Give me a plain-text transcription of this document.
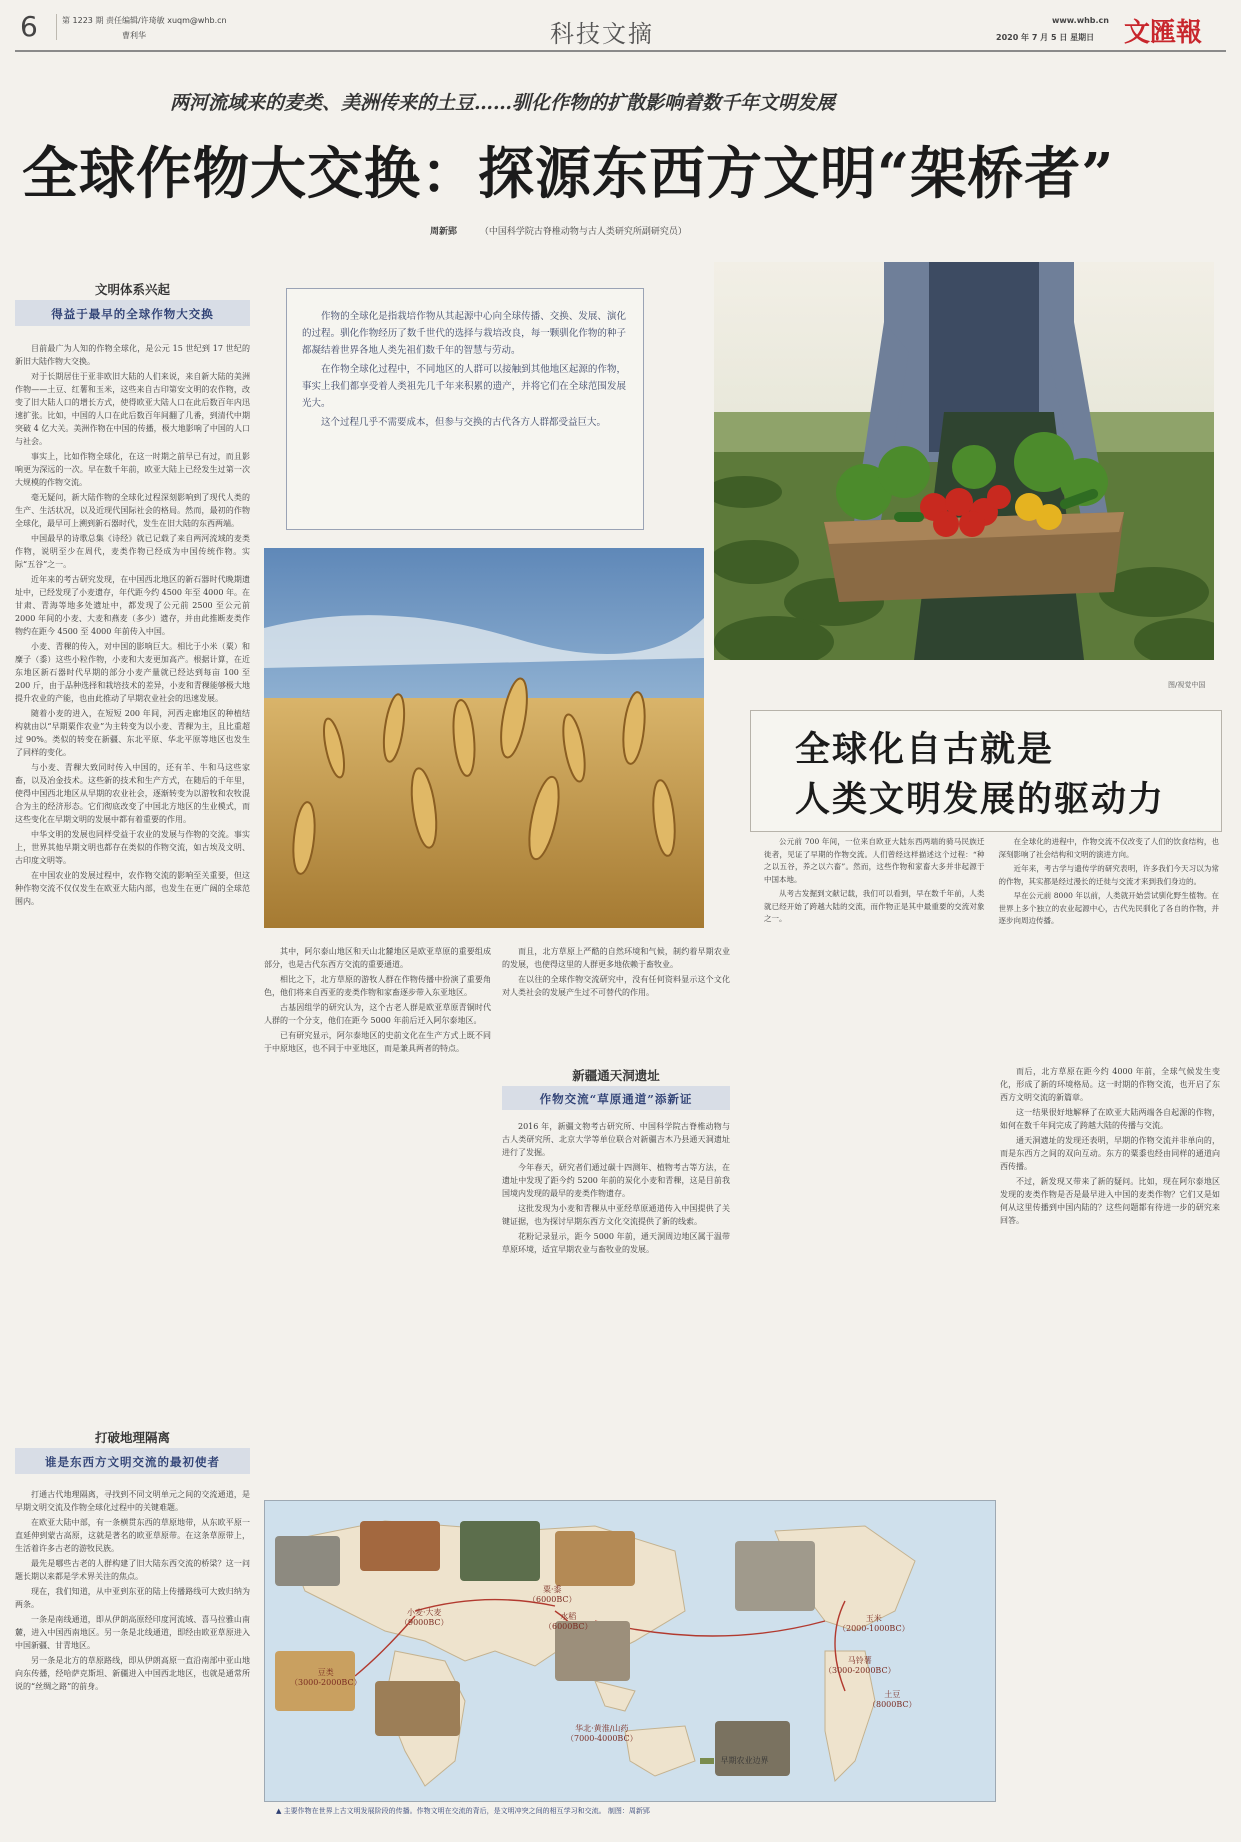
6	第 1223 期 责任编辑/许琦敏 xuqm@whb.cn
曹利华	科技文摘	www.whb.cn
2020 年 7 月 5 日 星期日 文匯報
两河流域来的麦类、美洲传来的土豆……驯化作物的扩散影响着数千年文明发展
全球作物大交换：探源东西方文明“架桥者”
周新郢	（中国科学院古脊椎动物与古人类研究所副研究员）
文明体系兴起
得益于最早的全球作物大交换

目前最广为人知的作物全球化，是公元 15 世纪到 17 世纪的新旧大陆作物大交换。

对于长期居住于亚非欧旧大陆的人们来说，来自新大陆的美洲作物——土豆、红薯和玉米，这些来自古印第安文明的农作物，改变了旧大陆人口的增长方式，使得欧亚大陆人口在此后数百年内迅速扩张。比如，中国的人口在此后数百年间翻了几番，到清代中期突破 4 亿大关。美洲作物在中国的传播，极大地影响了中国的人口与社会。

事实上，比如作物全球化，在这一时期之前早已有过，而且影响更为深远的一次。早在数千年前，欧亚大陆上已经发生过第一次大规模的作物交流。

毫无疑问，新大陆作物的全球化过程深刻影响到了现代人类的生产、生活状况，以及近现代国际社会的格局。然而，最初的作物全球化，最早可上溯到新石器时代，发生在旧大陆的东西两端。

中国最早的诗歌总集《诗经》就已记载了来自两河流域的麦类作物，说明至少在周代，麦类作物已经成为中国传统作物。实际“五谷”之一。

近年来的考古研究发现，在中国西北地区的新石器时代晚期遗址中，已经发现了小麦遗存，年代距今约 4500 年至 4000 年。在甘肃、青海等地多处遗址中，都发现了公元前 2500 至公元前 2000 年间的小麦、大麦和燕麦（多少）遗存，并由此推断麦类作物约在距今 4500 至 4000 年前传入中国。

小麦、青稞的传入，对中国的影响巨大。相比于小米（粟）和糜子（黍）这些小粒作物，小麦和大麦更加高产。根据计算，在近东地区新石器时代早期的部分小麦产量就已经达到每亩 100 至 200 斤，由于品种选择和栽培技术的差异，小麦和青稞能够极大地提升农业的产能，也由此推动了早期农业社会的迅速发展。

随着小麦的进入，在短短 200 年间，河西走廊地区的种植结构就由以“早期粟作农业”为主转变为以小麦、青稞为主，且比重超过 90%。类似的转变在新疆、东北平原、华北平原等地区也发生了同样的变化。

与小麦、青稞大致同时传入中国的，还有羊、牛和马这些家畜，以及冶金技术。这些新的技术和生产方式，在随后的千年里，使得中国西北地区从早期的农业社会，逐渐转变为以游牧和农牧混合为主的经济形态。它们彻底改变了中国北方地区的生业模式，而这些变化在早期文明的发展中都有着重要的作用。

中华文明的发展也同样受益于农业的发展与作物的交流。事实上，世界其他早期文明也都存在类似的作物交流，如古埃及文明、古印度文明等。

在中国农业的发展过程中，农作物交流的影响至关重要，但这种作物交流不仅仅发生在欧亚大陆内部，也发生在更广阔的全球范围内。

作物的全球化是指栽培作物从其起源中心向全球传播、交换、发展、演化的过程。驯化作物经历了数千世代的选择与栽培改良，每一颗驯化作物的种子都凝结着世界各地人类先祖们数千年的智慧与劳动。

在作物全球化过程中，不同地区的人群可以接触到其他地区起源的作物，事实上我们都享受着人类祖先几千年来积累的遗产，并将它们在全球范围发展光大。

这个过程几乎不需要成本，但参与交换的古代各方人群都受益巨大。

图/视觉中国
全球化自古就是
人类文明发展的驱动力

公元前 700 年间，一位来自欧亚大陆东西两端的骑马民族迁徙者，见证了早期的作物交流。人们曾经这样描述这个过程：“种之以五谷，养之以六畜”。然而，这些作物和家畜大多并非起源于中国本地。

从考古发掘到文献记载，我们可以看到，早在数千年前，人类就已经开始了跨越大陆的交流，而作物正是其中最重要的交流对象之一。

在全球化的进程中，作物交流不仅改变了人们的饮食结构，也深刻影响了社会结构和文明的演进方向。

近年来，考古学与遗传学的研究表明，许多我们今天习以为常的作物，其实都是经过漫长的迁徙与交流才来到我们身边的。

早在公元前 8000 年以前，人类就开始尝试驯化野生植物。在世界上多个独立的农业起源中心，古代先民驯化了各自的作物，并逐步向周边传播。

其中，阿尔泰山地区和天山北麓地区是欧亚草原的重要组成部分，也是古代东西方交流的重要通道。

相比之下，北方草原的游牧人群在作物传播中扮演了重要角色，他们将来自西亚的麦类作物和家畜逐步带入东亚地区。

古基因组学的研究认为，这个古老人群是欧亚草原青铜时代人群的一个分支，他们在距今 5000 年前后迁入阿尔泰地区。

已有研究显示，阿尔泰地区的史前文化在生产方式上既不同于中原地区，也不同于中亚地区，而是兼具两者的特点。

而且，北方草原上严酷的自然环境和气候，制约着早期农业的发展，也使得这里的人群更多地依赖于畜牧业。

在以往的全球作物交流研究中，没有任何资料显示这个文化对人类社会的发展产生过不可替代的作用。

新疆通天洞遗址
作物交流“草原通道”添新证

2016 年，新疆文物考古研究所、中国科学院古脊椎动物与古人类研究所、北京大学等单位联合对新疆吉木乃县通天洞遗址进行了发掘。

今年春天，研究者们通过碳十四测年、植物考古等方法，在遗址中发现了距今约 5200 年前的炭化小麦和青稞，这是目前我国境内发现的最早的麦类作物遗存。

这批发现为小麦和青稞从中亚经草原通道传入中国提供了关键证据，也为探讨早期东西方文化交流提供了新的线索。

花粉记录显示，距今 5000 年前，通天洞周边地区属于温带草原环境，适宜早期农业与畜牧业的发展。

而后，北方草原在距今约 4000 年前，全球气候发生变化，形成了新的环境格局。这一时期的作物交流，也开启了东西方文明交流的新篇章。

这一结果很好地解释了在欧亚大陆两端各自起源的作物，如何在数千年间完成了跨越大陆的传播与交流。

通天洞遗址的发现还表明，早期的作物交流并非单向的，而是东西方之间的双向互动。东方的粟黍也经由同样的通道向西传播。

不过，新发现又带来了新的疑问。比如，现在阿尔泰地区发现的麦类作物是否是最早进入中国的麦类作物？它们又是如何从这里传播到中国内陆的？这些问题都有待进一步的研究来回答。

打破地理隔离
谁是东西方文明交流的最初使者

打通古代地理隔离，寻找到不同文明单元之间的交流通道，是早期文明交流及作物全球化过程中的关键难题。

在欧亚大陆中部，有一条横贯东西的草原地带，从东欧平原一直延伸到蒙古高原，这就是著名的欧亚草原带。在这条草原带上，生活着许多古老的游牧民族。

最先是哪些古老的人群构建了旧大陆东西交流的桥梁？这一问题长期以来都是学术界关注的焦点。

现在，我们知道，从中亚到东亚的陆上传播路线可大致归纳为两条。

一条是南线通道，即从伊朗高原经印度河流域、喜马拉雅山南麓，进入中国西南地区。另一条是北线通道，即经由欧亚草原进入中国新疆、甘青地区。

另一条是北方的草原路线，即从伊朗高原一直沿南部中亚山地向东传播，经哈萨克斯坦、新疆进入中国西北地区，也就是通常所说的“丝绸之路”的前身。

小麦·大麦
（9000BC）
粟·黍
（6000BC）
水稻
（6000BC）
玉米
（2000-1000BC）
马铃薯
（3000-2000BC）
豆类
（3000-2000BC）
土豆
（8000BC）
华北·黄淮/山药
（7000-4000BC）
早期农业边界
▲ 主要作物在世界上古文明发展阶段的传播。作物文明在交流的背后，是文明冲突之间的相互学习和交流。 制图：周新郢
